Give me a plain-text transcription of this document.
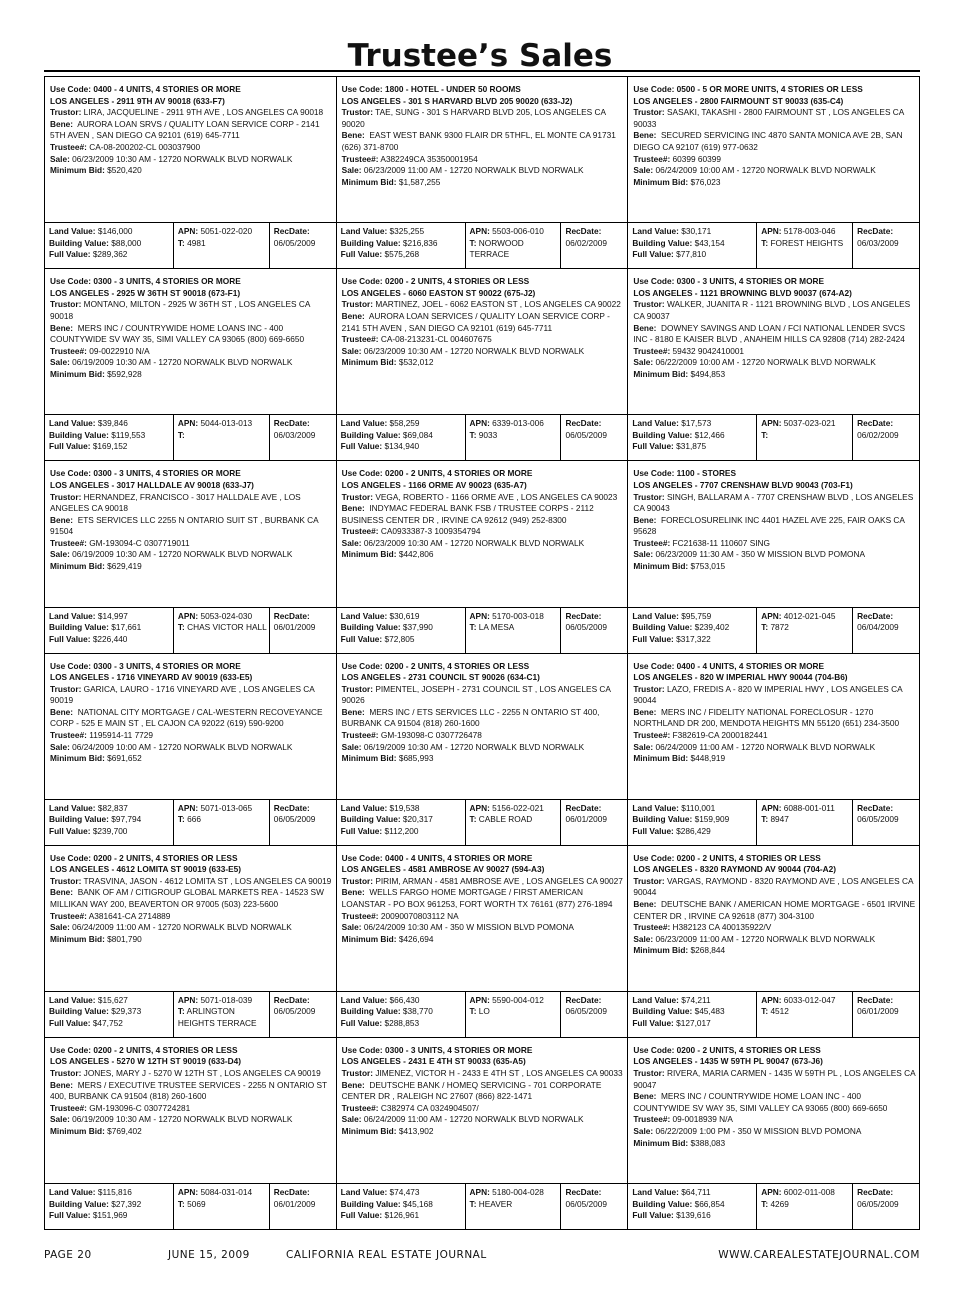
Trustee’s Sales
Use Code: 0400 - 4 UNITS, 4 STORIES OR MORE
LOS ANGELES - 2911 9TH AV 90018 (633-F7)
Trustor: LIRA, JACQUELINE - 2911 9TH AVE , LOS ANGELES CA 90018
Bene: AURORA LOAN SRVS / QUALITY LOAN SERVICE CORP - 2141 5TH AVEN , SAN DIEGO CA 92101 (619) 645-7711
Trustee#: CA-08-200202-CL 003037900
Sale: 06/23/2009 10:30 AM - 12720 NORWALK BLVD NORWALK
Minimum Bid: $520,420
Land Value: $146,000
Building Value: $88,000
Full Value: $289,362
APN: 5051-022-020
T: 4981
RecDate:
06/05/2009
Use Code: 1800 - HOTEL - UNDER 50 ROOMS
LOS ANGELES - 301 S HARVARD BLVD 205 90020 (633-J2)
Trustor: TAE, SUNG - 301 S HARVARD BLVD 205, LOS ANGELES CA 90020
Bene: EAST WEST BANK 9300 FLAIR DR 5THFL, EL MONTE CA 91731 (626) 371-8700
Trustee#: A382249CA 35350001954
Sale: 06/23/2009 11:00 AM - 12720 NORWALK BLVD NORWALK
Minimum Bid: $1,587,255
Land Value: $325,255
Building Value: $216,836
Full Value: $575,268
APN: 5503-006-010
T: NORWOOD TERRACE
RecDate:
06/02/2009
Use Code: 0500 - 5 OR MORE UNITS, 4 STORIES OR LESS
LOS ANGELES - 2800 FAIRMOUNT ST 90033 (635-C4)
Trustor: SASAKI, TAKASHI - 2800 FAIRMOUNT ST , LOS ANGELES CA 90033
Bene: SECURED SERVICING INC 4870 SANTA MONICA AVE 2B, SAN DIEGO CA 92107 (619) 977-0632
Trustee#: 60399 60399
Sale: 06/24/2009 10:00 AM - 12720 NORWALK BLVD NORWALK
Minimum Bid: $76,023
Land Value: $30,171
Building Value: $43,154
Full Value: $77,810
APN: 5178-003-046
T: FOREST HEIGHTS
RecDate:
06/03/2009
Use Code: 0300 - 3 UNITS, 4 STORIES OR MORE
LOS ANGELES - 2925 W 36TH ST 90018 (673-F1)
Trustor: MONTANO, MILTON - 2925 W 36TH ST , LOS ANGELES CA 90018
Bene: MERS INC / COUNTRYWIDE HOME LOANS INC - 400 COUNTYWIDE SV WAY 35, SIMI VALLEY CA 93065 (800) 669-6650
Trustee#: 09-0022910 N/A
Sale: 06/19/2009 10:30 AM - 12720 NORWALK BLVD NORWALK
Minimum Bid: $592,928
Land Value: $39,846
Building Value: $119,553
Full Value: $169,152
APN: 5044-013-013
T:
RecDate:
06/03/2009
Use Code: 0200 - 2 UNITS, 4 STORIES OR LESS
LOS ANGELES - 6060 EASTON ST 90022 (675-J2)
Trustor: MARTINEZ, JOEL - 6062 EASTON ST , LOS ANGELES CA 90022
Bene: AURORA LOAN SERVICES / QUALITY LOAN SERVICE CORP - 2141 5TH AVEN , SAN DIEGO CA 92101 (619) 645-7711
Trustee#: CA-08-213231-CL 004607675
Sale: 06/23/2009 10:30 AM - 12720 NORWALK BLVD NORWALK
Minimum Bid: $532,012
Land Value: $58,259
Building Value: $69,084
Full Value: $134,940
APN: 6339-013-006
T: 9033
RecDate:
06/05/2009
Use Code: 0300 - 3 UNITS, 4 STORIES OR MORE
LOS ANGELES - 1121 BROWNING BLVD 90037 (674-A2)
Trustor: WALKER, JUANITA R - 1121 BROWNING BLVD , LOS ANGELES CA 90037
Bene: DOWNEY SAVINGS AND LOAN / FCI NATIONAL LENDER SVCS INC - 8180 E KAISER BLVD , ANAHEIM HILLS CA 92808 (714) 282-2424
Trustee#: 59432 9042410001
Sale: 06/22/2009 10:00 AM - 12720 NORWALK BLVD NORWALK
Minimum Bid: $494,853
Land Value: $17,573
Building Value: $12,466
Full Value: $31,875
APN: 5037-023-021
T:
RecDate:
06/02/2009
Use Code: 0300 - 3 UNITS, 4 STORIES OR MORE
LOS ANGELES - 3017 HALLDALE AV 90018 (633-J7)
Trustor: HERNANDEZ, FRANCISCO - 3017 HALLDALE AVE , LOS ANGELES CA 90018
Bene: ETS SERVICES LLC 2255 N ONTARIO SUIT ST , BURBANK CA 91504
Trustee#: GM-193094-C 0307719011
Sale: 06/19/2009 10:30 AM - 12720 NORWALK BLVD NORWALK
Minimum Bid: $629,419
Land Value: $14,997
Building Value: $17,661
Full Value: $226,440
APN: 5053-024-030
T: CHAS VICTOR HALL
RecDate:
06/01/2009
Use Code: 0200 - 2 UNITS, 4 STORIES OR MORE
LOS ANGELES - 1166 ORME AV 90023 (635-A7)
Trustor: VEGA, ROBERTO - 1166 ORME AVE , LOS ANGELES CA 90023
Bene: INDYMAC FEDERAL BANK FSB / TRUSTEE CORPS - 2112 BUSINESS CENTER DR , IRVINE CA 92612 (949) 252-8300
Trustee#: CA0933387-3 1009354794
Sale: 06/23/2009 10:30 AM - 12720 NORWALK BLVD NORWALK
Minimum Bid: $442,806
Land Value: $30,619
Building Value: $37,990
Full Value: $72,805
APN: 5170-003-018
T: LA MESA
RecDate:
06/05/2009
Use Code: 1100 - STORES
LOS ANGELES - 7707 CRENSHAW BLVD 90043 (703-F1)
Trustor: SINGH, BALLARAM A - 7707 CRENSHAW BLVD , LOS ANGELES CA 90043
Bene: FORECLOSURELINK INC 4401 HAZEL AVE 225, FAIR OAKS CA 95628
Trustee#: FC21638-11 110607 SING
Sale: 06/23/2009 11:30 AM - 350 W MISSION BLVD POMONA
Minimum Bid: $753,015
Land Value: $95,759
Building Value: $239,402
Full Value: $317,322
APN: 4012-021-045
T: 7872
RecDate:
06/04/2009
Use Code: 0300 - 3 UNITS, 4 STORIES OR MORE
LOS ANGELES - 1716 VINEYARD AV 90019 (633-E5)
Trustor: GARICA, LAURO - 1716 VINEYARD AVE , LOS ANGELES CA 90019
Bene: NATIONAL CITY MORTGAGE / CAL-WESTERN RECOVEYANCE CORP - 525 E MAIN ST , EL CAJON CA 92022 (619) 590-9200
Trustee#: 1195914-11 7729
Sale: 06/24/2009 10:00 AM - 12720 NORWALK BLVD NORWALK
Minimum Bid: $691,652
Land Value: $82,837
Building Value: $97,794
Full Value: $239,700
APN: 5071-013-065
T: 666
RecDate:
06/05/2009
Use Code: 0200 - 2 UNITS, 4 STORIES OR LESS
LOS ANGELES - 2731 COUNCIL ST 90026 (634-C1)
Trustor: PIMENTEL, JOSEPH - 2731 COUNCIL ST , LOS ANGELES CA 90026
Bene: MERS INC / ETS SERVICES LLC - 2255 N ONTARIO ST 400, BURBANK CA 91504 (818) 260-1600
Trustee#: GM-193098-C 0307726478
Sale: 06/19/2009 10:30 AM - 12720 NORWALK BLVD NORWALK
Minimum Bid: $685,993
Land Value: $19,538
Building Value: $20,317
Full Value: $112,200
APN: 5156-022-021
T: CABLE ROAD
RecDate:
06/01/2009
Use Code: 0400 - 4 UNITS, 4 STORIES OR MORE
LOS ANGELES - 820 W IMPERIAL HWY 90044 (704-B6)
Trustor: LAZO, FREDIS A - 820 W IMPERIAL HWY , LOS ANGELES CA 90044
Bene: MERS INC / FIDELITY NATIONAL FORECLOSUR - 1270 NORTHLAND DR 200, MENDOTA HEIGHTS MN 55120 (651) 234-3500
Trustee#: F382619-CA 2000182441
Sale: 06/24/2009 11:00 AM - 12720 NORWALK BLVD NORWALK
Minimum Bid: $448,919
Land Value: $110,001
Building Value: $159,909
Full Value: $286,429
APN: 6088-001-011
T: 8947
RecDate:
06/05/2009
Use Code: 0200 - 2 UNITS, 4 STORIES OR LESS
LOS ANGELES - 4612 LOMITA ST 90019 (633-E5)
Trustor: TRASVINA, JASON - 4612 LOMITA ST , LOS ANGELES CA 90019
Bene: BANK OF AM / CITIGROUP GLOBAL MARKETS REA - 14523 SW MILLIKAN WAY 200, BEAVERTON OR 97005 (503) 223-5600
Trustee#: A381641-CA 2714889
Sale: 06/24/2009 11:00 AM - 12720 NORWALK BLVD NORWALK
Minimum Bid: $801,790
Land Value: $15,627
Building Value: $29,373
Full Value: $47,752
APN: 5071-018-039
T: ARLINGTON HEIGHTS TERRACE
RecDate:
06/05/2009
Use Code: 0400 - 4 UNITS, 4 STORIES OR MORE
LOS ANGELES - 4581 AMBROSE AV 90027 (594-A3)
Trustor: PIRIM, ARMAN - 4581 AMBROSE AVE , LOS ANGELES CA 90027
Bene: WELLS FARGO HOME MORTGAGE / FIRST AMERICAN LOANSTAR - PO BOX 961253, FORT WORTH TX 76161 (877) 276-1894
Trustee#: 20090070803112 NA
Sale: 06/24/2009 10:30 AM - 350 W MISSION BLVD POMONA
Minimum Bid: $426,694
Land Value: $66,430
Building Value: $38,770
Full Value: $288,853
APN: 5590-004-012
T: LO
RecDate:
06/05/2009
Use Code: 0200 - 2 UNITS, 4 STORIES OR LESS
LOS ANGELES - 8320 RAYMOND AV 90044 (704-A2)
Trustor: VARGAS, RAYMOND - 8320 RAYMOND AVE , LOS ANGELES CA 90044
Bene: DEUTSCHE BANK / AMERICAN HOME MORTGAGE - 6501 IRVINE CENTER DR , IRVINE CA 92618 (877) 304-3100
Trustee#: H382123 CA 400135922/V
Sale: 06/23/2009 11:00 AM - 12720 NORWALK BLVD NORWALK
Minimum Bid: $268,844
Land Value: $74,211
Building Value: $45,483
Full Value: $127,017
APN: 6033-012-047
T: 4512
RecDate:
06/01/2009
Use Code: 0200 - 2 UNITS, 4 STORIES OR LESS
LOS ANGELES - 5270 W 12TH ST 90019 (633-D4)
Trustor: JONES, MARY J - 5270 W 12TH ST , LOS ANGELES CA 90019
Bene: MERS / EXECUTIVE TRUSTEE SERVICES - 2255 N ONTARIO ST 400, BURBANK CA 91504 (818) 260-1600
Trustee#: GM-193096-C 0307724281
Sale: 06/19/2009 10:30 AM - 12720 NORWALK BLVD NORWALK
Minimum Bid: $769,402
Land Value: $115,816
Building Value: $27,392
Full Value: $151,969
APN: 5084-031-014
T: 5069
RecDate:
06/01/2009
Use Code: 0300 - 3 UNITS, 4 STORIES OR MORE
LOS ANGELES - 2431 E 4TH ST 90033 (635-A5)
Trustor: JIMENEZ, VICTOR H - 2433 E 4TH ST , LOS ANGELES CA 90033
Bene: DEUTSCHE BANK / HOMEQ SERVICING - 701 CORPORATE CENTER DR , RALEIGH NC 27607 (866) 822-1471
Trustee#: C382974 CA 0324904507/
Sale: 06/24/2009 11:00 AM - 12720 NORWALK BLVD NORWALK
Minimum Bid: $413,902
Land Value: $74,473
Building Value: $45,168
Full Value: $126,961
APN: 5180-004-028
T: HEAVER
RecDate:
06/05/2009
Use Code: 0200 - 2 UNITS, 4 STORIES OR LESS
LOS ANGELES - 1435 W 59TH PL 90047 (673-J6)
Trustor: RIVERA, MARIA CARMEN - 1435 W 59TH PL , LOS ANGELES CA 90047
Bene: MERS INC / COUNTRYWIDE HOME LOAN INC - 400 COUNTYWIDE SV WAY 35, SIMI VALLEY CA 93065 (800) 669-6650
Trustee#: 09-0018939 N/A
Sale: 06/22/2009 1:00 PM - 350 W MISSION BLVD POMONA
Minimum Bid: $388,083
Land Value: $64,711
Building Value: $66,854
Full Value: $139,616
APN: 6002-011-008
T: 4269
RecDate:
06/05/2009
PAGE 20	JUNE 15, 2009	CALIFORNIA REAL ESTATE JOURNAL	WWW.CAREALESTATEJOURNAL.COM
